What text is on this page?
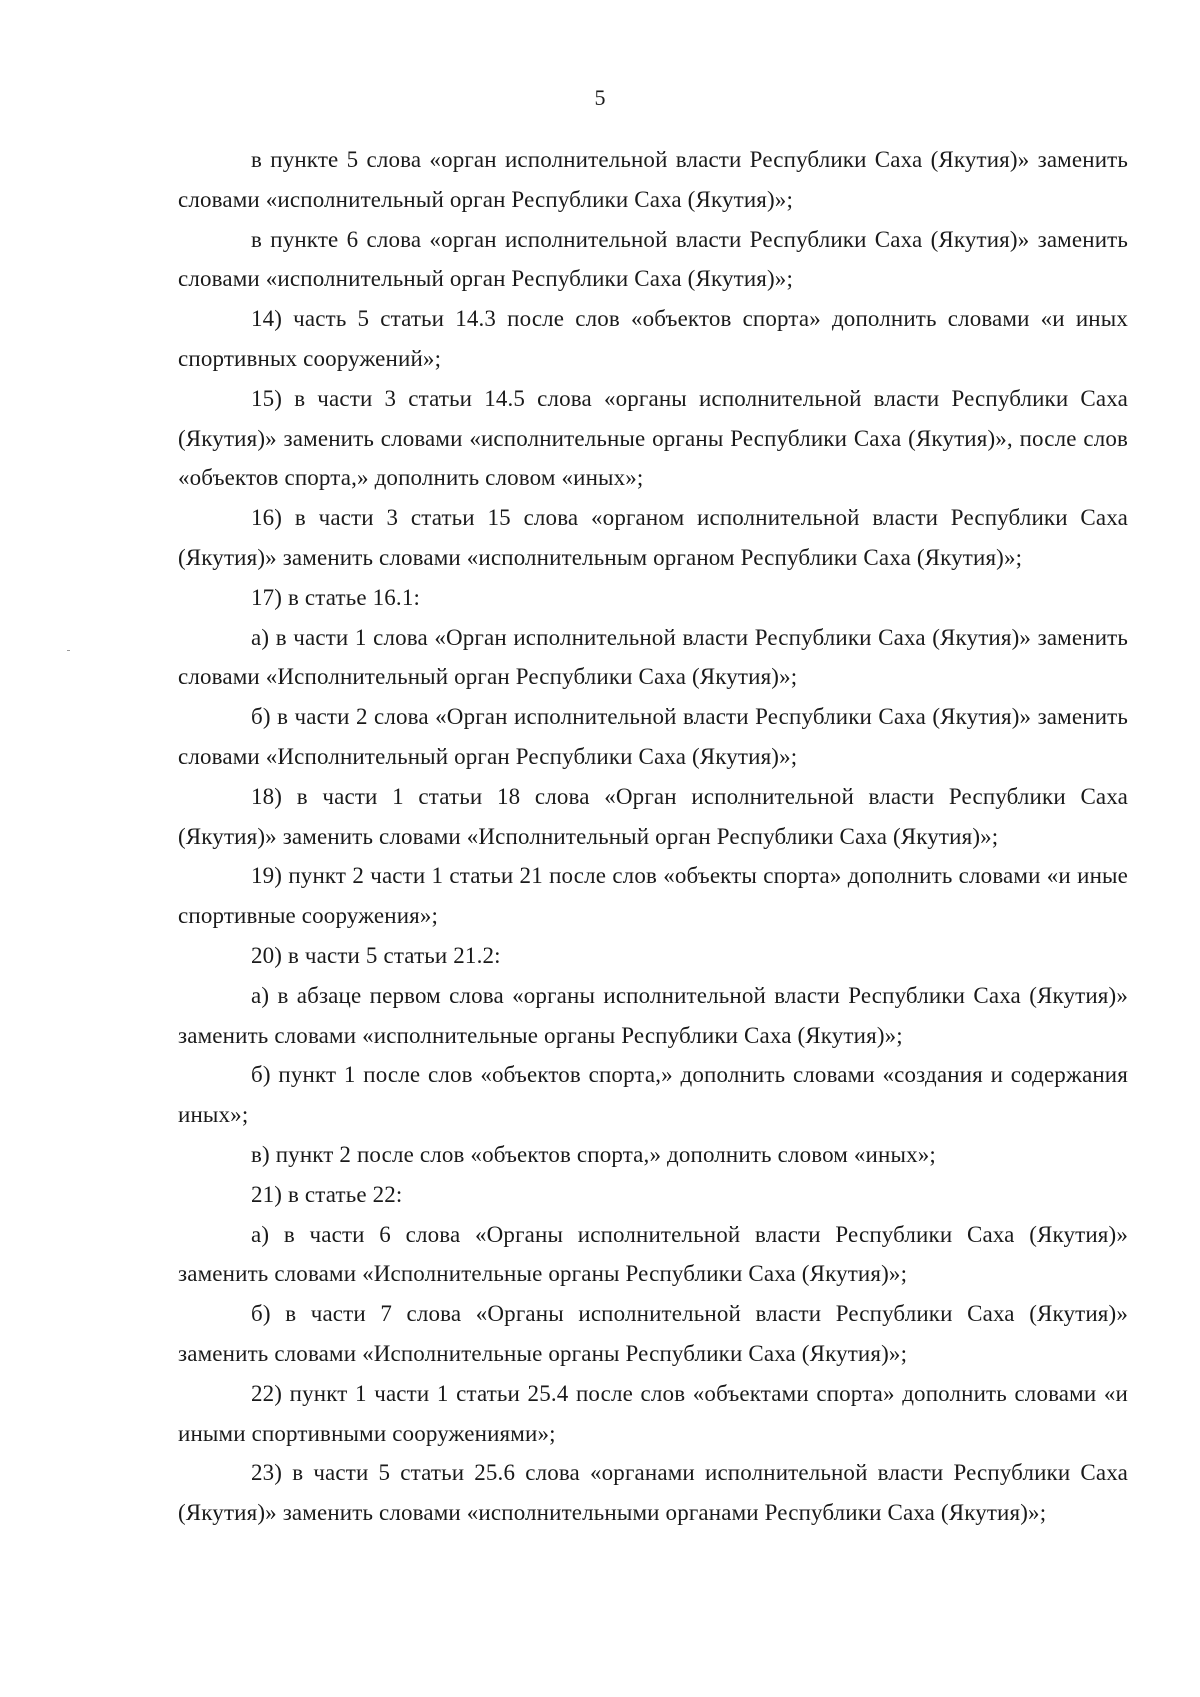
5

в пункте 5 слова «орган исполнительной власти Республики Саха (Якутия)» заменить словами «исполнительный орган Республики Саха (Якутия)»;

в пункте 6 слова «орган исполнительной власти Республики Саха (Якутия)» заменить словами «исполнительный орган Республики Саха (Якутия)»;

14) часть 5 статьи 14.3 после слов «объектов спорта» дополнить словами «и иных спортивных сооружений»;

15) в части 3 статьи 14.5 слова «органы исполнительной власти Республики Саха (Якутия)» заменить словами «исполнительные органы Республики Саха (Якутия)», после слов «объектов спорта,» дополнить словом «иных»;

16) в части 3 статьи 15 слова «органом исполнительной власти Республики Саха (Якутия)» заменить словами «исполнительным органом Республики Саха (Якутия)»;

17) в статье 16.1:

а) в части 1 слова «Орган исполнительной власти Республики Саха (Якутия)» заменить словами «Исполнительный орган Республики Саха (Якутия)»;

б) в части 2 слова «Орган исполнительной власти Республики Саха (Якутия)» заменить словами «Исполнительный орган Республики Саха (Якутия)»;

18) в части 1 статьи 18 слова «Орган исполнительной власти Республики Саха (Якутия)» заменить словами «Исполнительный орган Республики Саха (Якутия)»;

19) пункт 2 части 1 статьи 21 после слов «объекты спорта» дополнить словами «и иные спортивные сооружения»;

20) в части 5 статьи 21.2:

а) в абзаце первом слова «органы исполнительной власти Республики Саха (Якутия)» заменить словами «исполнительные органы Республики Саха (Якутия)»;

б) пункт 1 после слов «объектов спорта,» дополнить словами «создания и содержания иных»;

в) пункт 2 после слов «объектов спорта,» дополнить словом «иных»;

21) в статье 22:

а) в части 6 слова «Органы исполнительной власти Республики Саха (Якутия)» заменить словами «Исполнительные органы Республики Саха (Якутия)»;

б) в части 7 слова «Органы исполнительной власти Республики Саха (Якутия)» заменить словами «Исполнительные органы Республики Саха (Якутия)»;

22) пункт 1 части 1 статьи 25.4 после слов «объектами спорта» дополнить словами «и иными спортивными сооружениями»;

23) в части 5 статьи 25.6 слова «органами исполнительной власти Республики Саха (Якутия)» заменить словами «исполнительными органами Республики Саха (Якутия)»;
